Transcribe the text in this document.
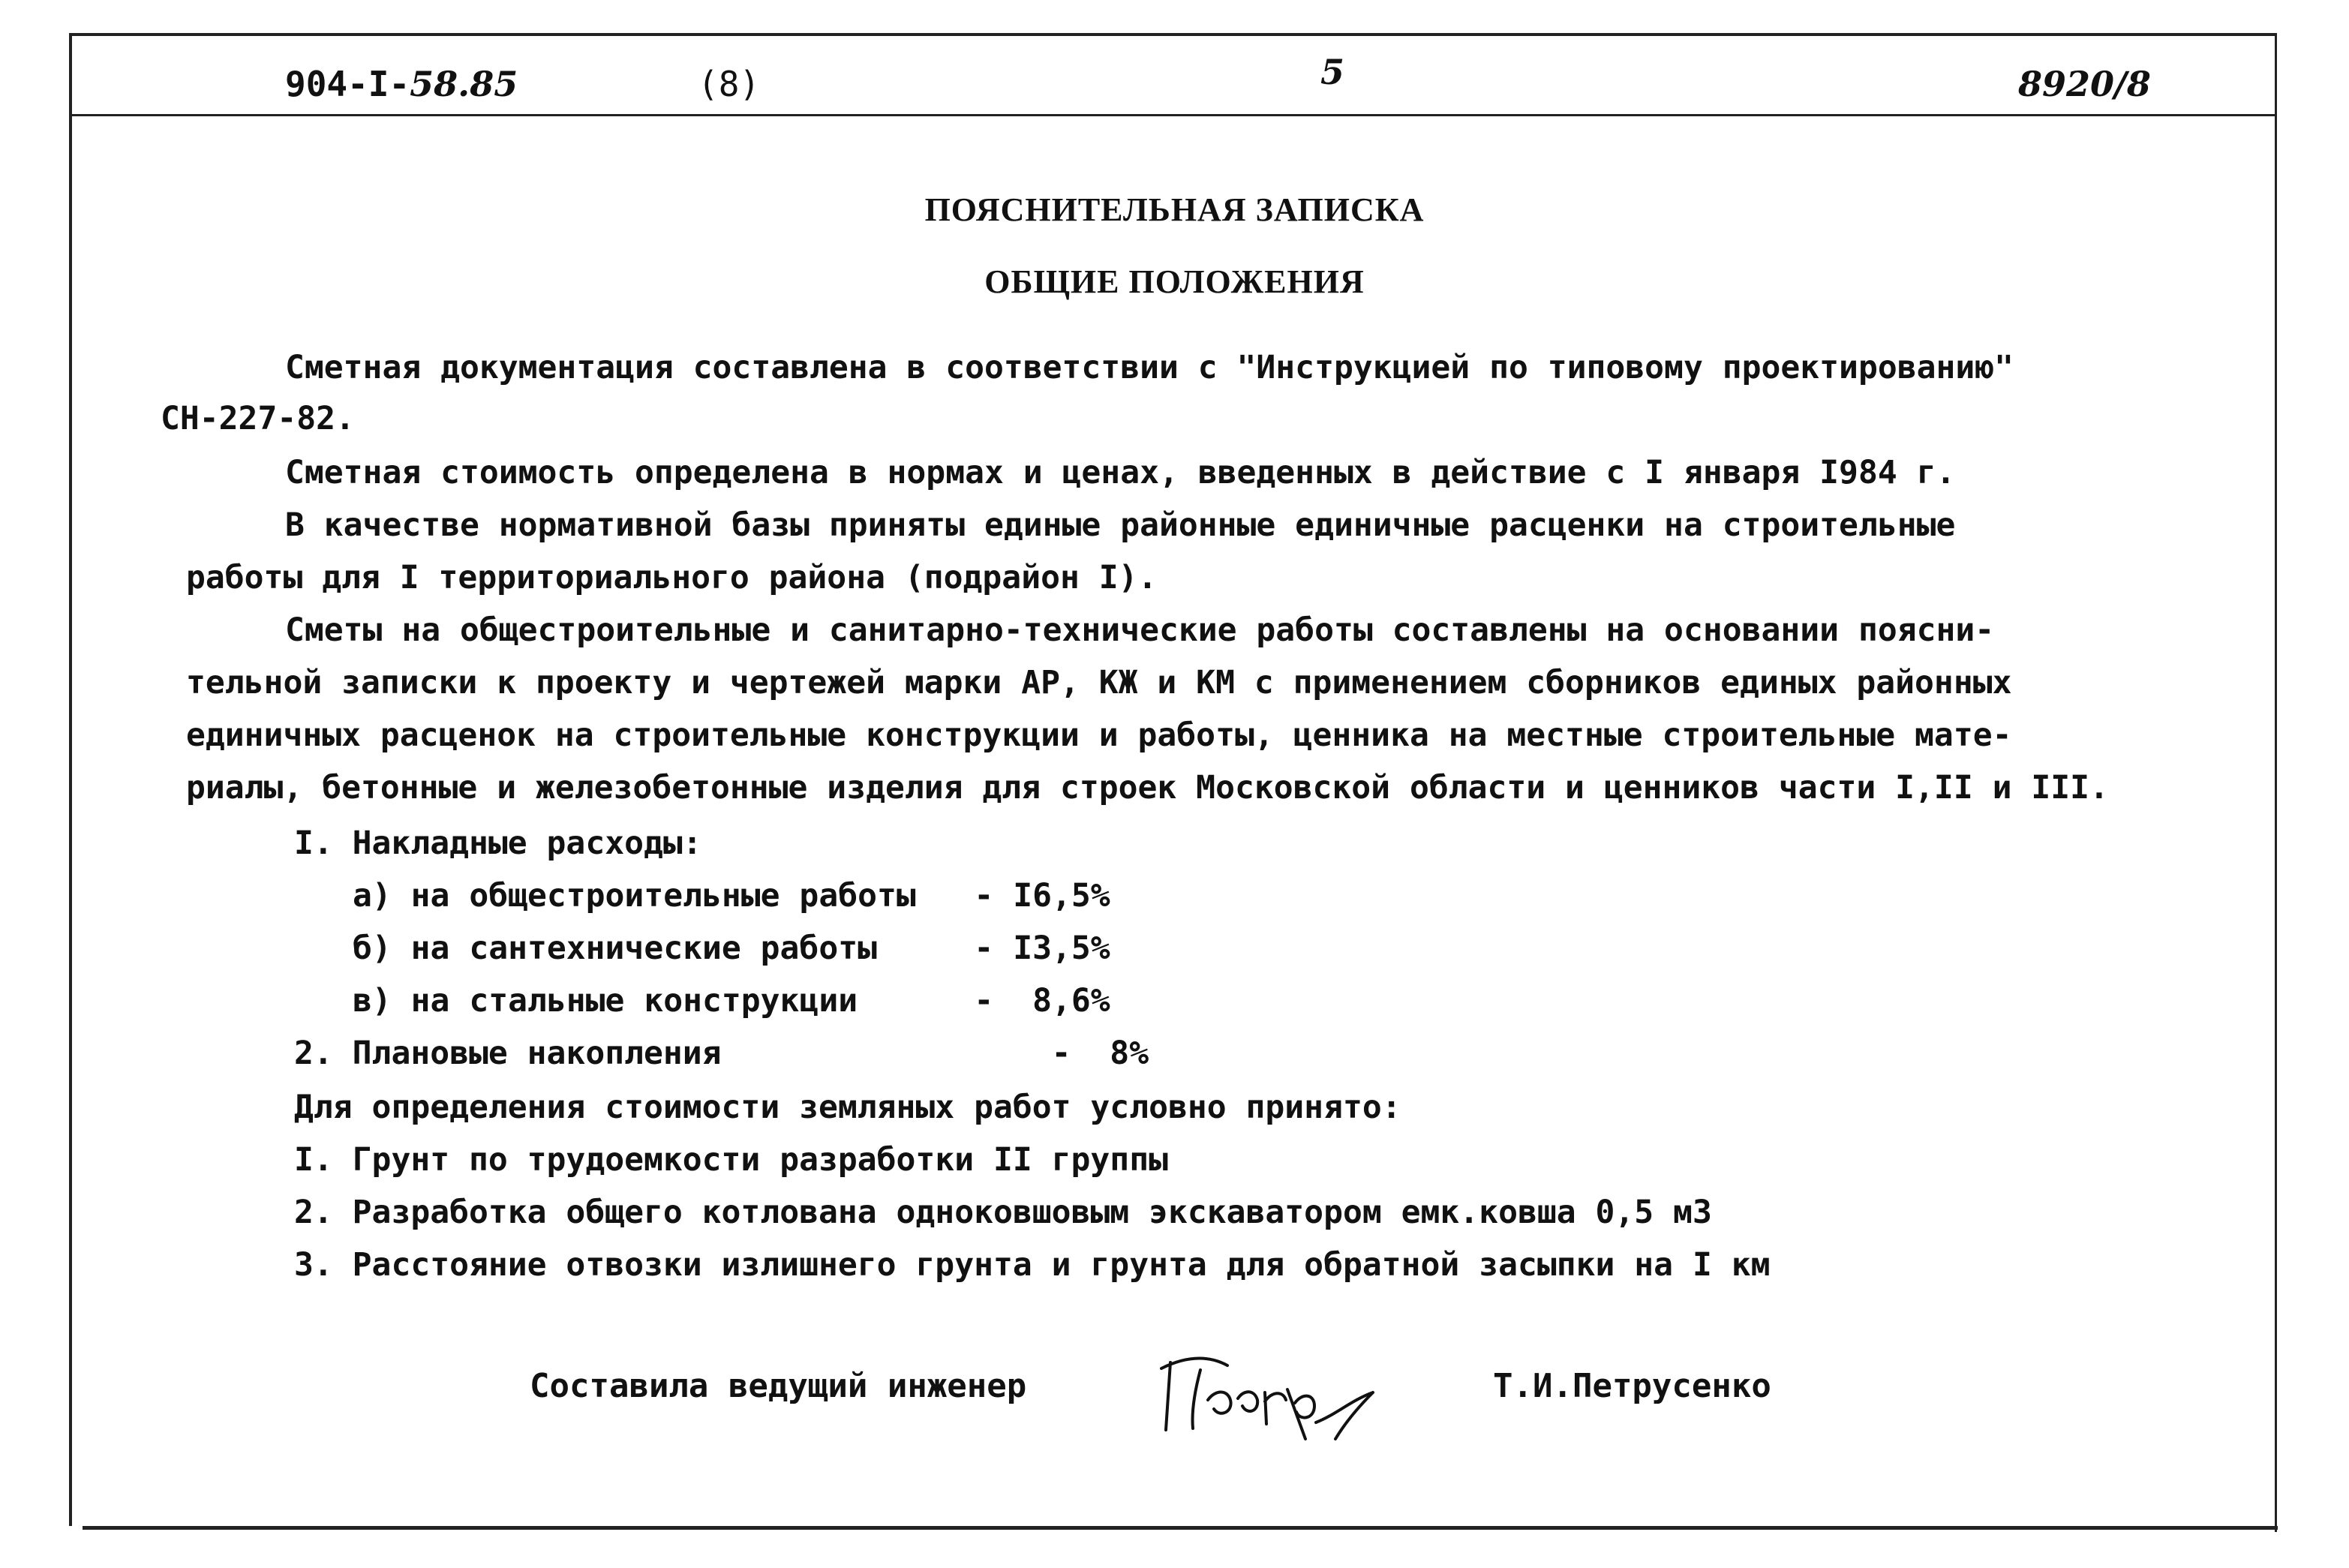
904-I-58.85	(8)	5	8920/8
ПОЯСНИТЕЛЬНАЯ ЗАПИСКА
ОБЩИЕ ПОЛОЖЕНИЯ
Сметная документация составлена в соответствии с "Инструкцией по типовому проектированию"
СН-227-82.
Сметная стоимость определена в нормах и ценах, введенных в действие с I января I984 г.
В качестве нормативной базы приняты единые районные единичные расценки на строительные
работы для I территориального района (подрайон I).
Сметы на общестроительные и санитарно-технические работы составлены на основании поясни-
тельной записки к проекту и чертежей марки АР, КЖ и КМ с применением сборников единых районных
единичных расценок на строительные конструкции и работы, ценника на местные строительные мате-
риалы, бетонные и железобетонные изделия для строек Московской области и ценников части I,II и III.
I. Накладные расходы:
а) на общестроительные работы   - I6,5%
б) на сантехнические работы     - I3,5%
в) на стальные конструкции      -  8,6%
2. Плановые накопления                 -  8%
Для определения стоимости земляных работ условно принято:
I. Грунт по трудоемкости разработки II группы
2. Разработка общего котлована одноковшовым экскаватором емк.ковша 0,5 м3
3. Расстояние отвозки излишнего грунта и грунта для обратной засыпки на I км
Составила ведущий инженер	Т.И.Петрусенко
